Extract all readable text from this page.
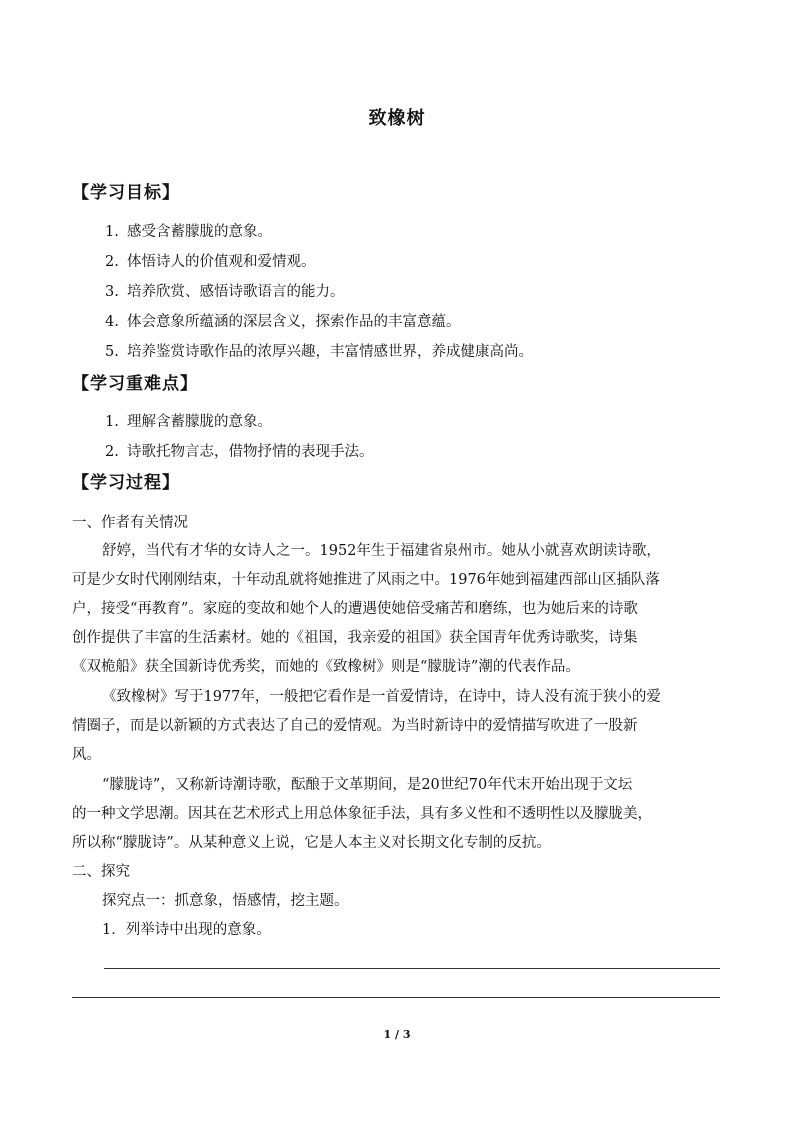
致橡树
【学习目标】
1. 感受含蓄朦胧的意象。
2. 体悟诗人的价值观和爱情观。
3. 培养欣赏、感悟诗歌语言的能力。
4. 体会意象所蕴涵的深层含义，探索作品的丰富意蕴。
5. 培养鉴赏诗歌作品的浓厚兴趣，丰富情感世界，养成健康高尚。
【学习重难点】
1. 理解含蓄朦胧的意象。
2. 诗歌托物言志，借物抒情的表现手法。
【学习过程】
一、作者有关情况
舒婷，当代有才华的女诗人之一。1952年生于福建省泉州市。她从小就喜欢朗读诗歌，
可是少女时代刚刚结束，十年动乱就将她推进了风雨之中。1976年她到福建西部山区插队落
户，接受“再教育”。家庭的变故和她个人的遭遇使她倍受痛苦和磨练，也为她后来的诗歌
创作提供了丰富的生活素材。她的《祖国，我亲爱的祖国》获全国青年优秀诗歌奖，诗集
《双桅船》获全国新诗优秀奖，而她的《致橡树》则是“朦胧诗”潮的代表作品。
《致橡树》写于1977年，一般把它看作是一首爱情诗，在诗中，诗人没有流于狭小的爱
情圈子，而是以新颖的方式表达了自己的爱情观。为当时新诗中的爱情描写吹进了一股新
风。
“朦胧诗”，又称新诗潮诗歌，酝酿于文革期间，是20世纪70年代末开始出现于文坛
的一种文学思潮。因其在艺术形式上用总体象征手法，具有多义性和不透明性以及朦胧美，
所以称“朦胧诗”。从某种意义上说，它是人本主义对长期文化专制的反抗。
二、探究
探究点一：抓意象，悟感情，挖主题。
1．列举诗中出现的意象。
1 / 3
